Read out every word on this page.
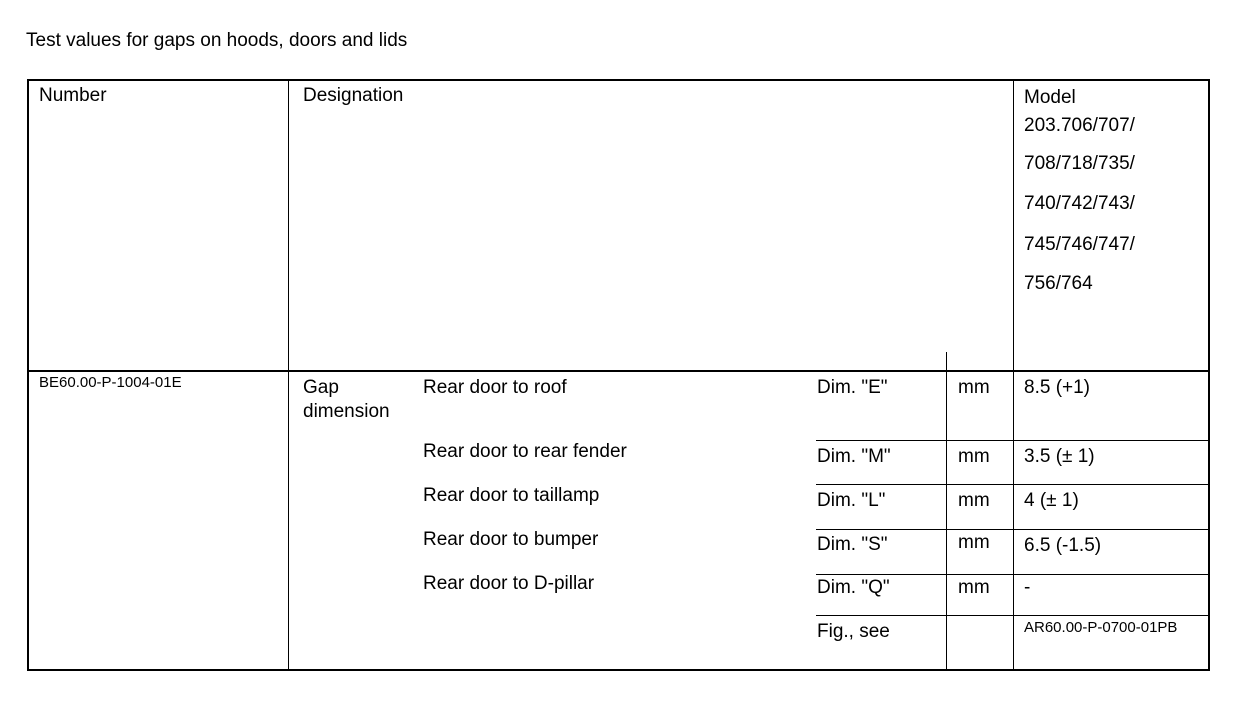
Test values for gaps on hoods, doors and lids
Number	Designation	Model
203.706/707/
708/718/735/
740/742/743/
745/746/747/
756/764
BE60.00-P-1004-01E	Gap
dimension
Rear door to roof	Dim. "E"	mm 8.5 (+1)
Rear door to rear fender	Dim. "M"	mm 3.5 (± 1)
Rear door to taillamp	Dim. "L"	mm 4 (± 1)
Rear door to bumper	Dim. "S"	mm 6.5 (-1.5)
Rear door to D-pillar	Dim. "Q"	mm -
Fig., see	AR60.00-P-0700-01PB
